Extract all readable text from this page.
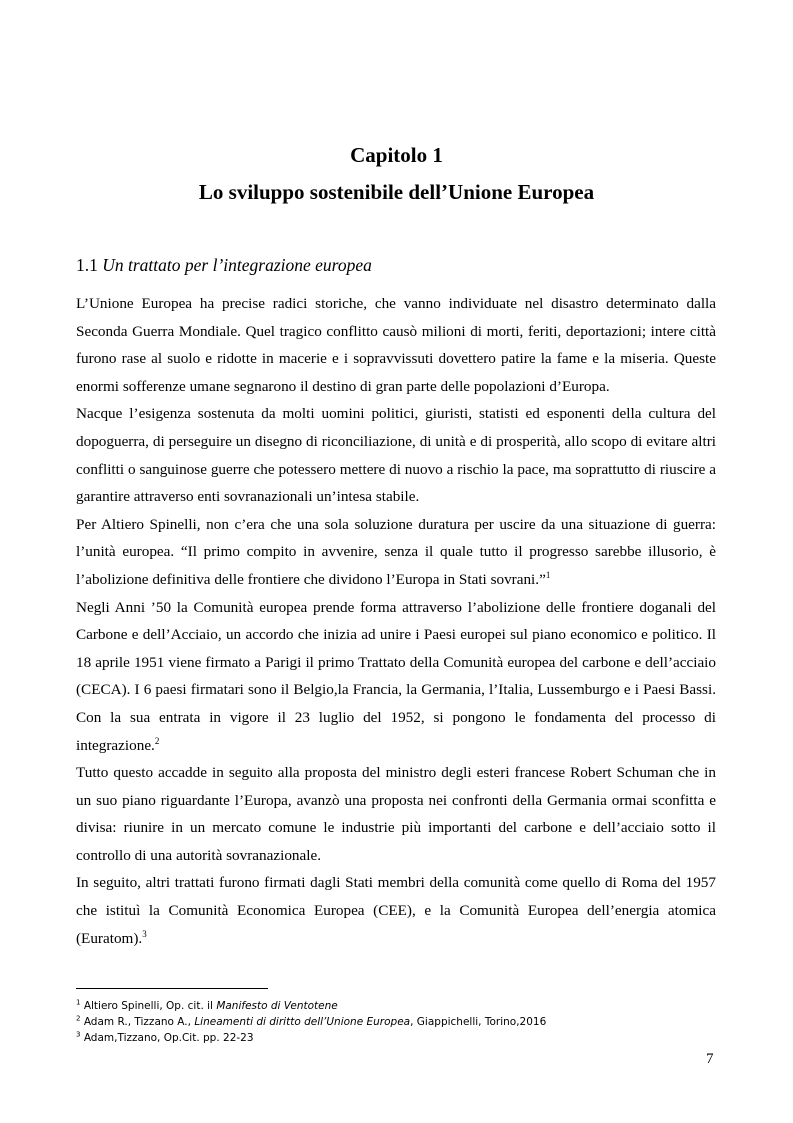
Capitolo 1
Lo sviluppo sostenibile dell’Unione Europea
1.1 Un trattato per l’integrazione europea

L’Unione Europea ha precise radici storiche, che vanno individuate nel disastro determinato dalla Seconda Guerra Mondiale. Quel tragico conflitto causò milioni di morti, feriti, deportazioni; intere città furono rase al suolo e ridotte in macerie e i sopravvissuti dovettero patire la fame e la miseria. Queste enormi sofferenze umane segnarono il destino di gran parte delle popolazioni d’Europa.

Nacque l’esigenza sostenuta da molti uomini politici, giuristi, statisti ed esponenti della cultura del dopoguerra, di perseguire un disegno di riconciliazione, di unità e di prosperità, allo scopo di evitare altri conflitti o sanguinose guerre che potessero mettere di nuovo a rischio la pace, ma soprattutto di riuscire a garantire attraverso enti sovranazionali un’intesa stabile.

Per Altiero Spinelli, non c’era che una sola soluzione duratura per uscire da una situazione di guerra: l’unità europea. “Il primo compito in avvenire, senza il quale tutto il progresso sarebbe illusorio, è l’abolizione definitiva delle frontiere che dividono l’Europa in Stati sovrani.”$^1$

Negli Anni ’50 la Comunità europea prende forma attraverso l’abolizione delle frontiere doganali del Carbone e dell’Acciaio, un accordo che inizia ad unire i Paesi europei sul piano economico e politico. Il 18 aprile 1951 viene firmato a Parigi il primo Trattato della Comunità europea del carbone e dell’acciaio (CECA). I 6 paesi firmatari sono il Belgio,la Francia, la Germania, l’Italia, Lussemburgo e i Paesi Bassi. Con la sua entrata in vigore il 23 luglio del 1952, si pongono le fondamenta del processo di integrazione.$^2$

Tutto questo accadde in seguito alla proposta del ministro degli esteri francese Robert Schuman che in un suo piano riguardante l’Europa, avanzò una proposta nei confronti della Germania ormai sconfitta e divisa: riunire in un mercato comune le industrie più importanti del carbone e dell’acciaio sotto il controllo di una autorità sovranazionale.

In seguito, altri trattati furono firmati dagli Stati membri della comunità come quello di Roma del 1957 che istituì la Comunità Economica Europea (CEE), e la Comunità Europea dell’energia atomica (Euratom).$^3$

$^1$ Altiero Spinelli, Op. cit. il Manifesto di Ventotene
$^2$ Adam R., Tizzano A., Lineamenti di diritto dell’Unione Europea, Giappichelli, Torino,2016
$^3$ Adam,Tizzano, Op.Cit. pp. 22-23
7
